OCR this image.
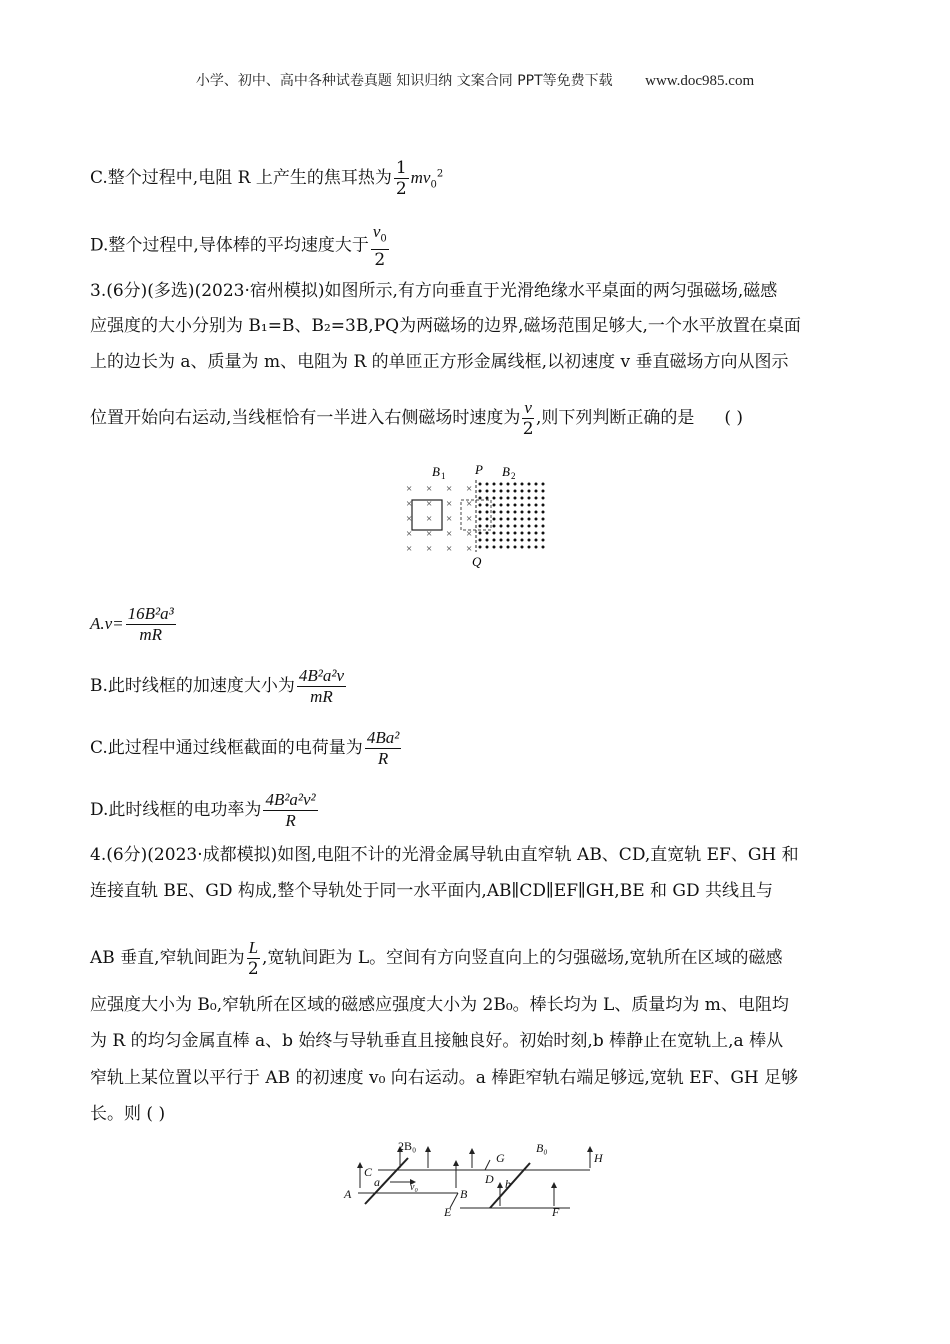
小学、初中、高中各种试卷真题 知识归纳 文案合同 PPT等免费下载 www.doc985.com
C.整个过程中,电阻 R 上产生的焦耳热为 $\frac{1}{2} mv_0^2$
D.整个过程中,导体棒的平均速度大于 $\frac{v_0}{2}$
3.(6分)(多选)(2023·宿州模拟)如图所示,有方向垂直于光滑绝缘水平桌面的两匀强磁场,磁感
应强度的大小分别为 B₁=B、B₂=3B,PQ为两磁场的边界,磁场范围足够大,一个水平放置在桌面
上的边长为 a、质量为 m、电阻为 R 的单匝正方形金属线框,以初速度 v 垂直磁场方向从图示
位置开始向右运动,当线框恰有一半进入右侧磁场时速度为 $\frac{v}{2}$ ,则下列判断正确的是 ( )
B 1 P B 2
Q
× × × ×
× × × ×
× × × ×
× × × ×
× × × ×
$A.v= \frac{\text{16B²a³}}{mR}$
B.此时线框的加速度大小为 $\frac{\text{4B²a²v}}{mR}$
C.此过程中通过线框截面的电荷量为 $\frac{\text{4Ba²}}{R}$
D.此时线框的电功率为 $\frac{\text{4B²a²v²}}{R}$
4.(6分)(2023·成都模拟)如图,电阻不计的光滑金属导轨由直窄轨 AB、CD,直宽轨 EF、GH 和
连接直轨 BE、GD 构成,整个导轨处于同一水平面内,AB∥CD∥EF∥GH,BE 和 GD 共线且与
AB 垂直,窄轨间距为 $\frac{L}{2}$ ,宽轨间距为 L。空间有方向竖直向上的匀强磁场,宽轨所在区域的磁感
应强度大小为 B₀,窄轨所在区域的磁感应强度大小为 2B₀。棒长均为 L、质量均为 m、电阻均
为 R 的均匀金属直棒 a、b 始终与导轨垂直且接触良好。初始时刻,b 棒静止在宽轨上,a 棒从
窄轨上某位置以平行于 AB 的初速度 v₀ 向右运动。a 棒距窄轨右端足够远,宽轨 EF、GH 足够
长。则 ( )
A
C
2B₀
a	v₀	B
E
D
G
b
B₀
H
F
